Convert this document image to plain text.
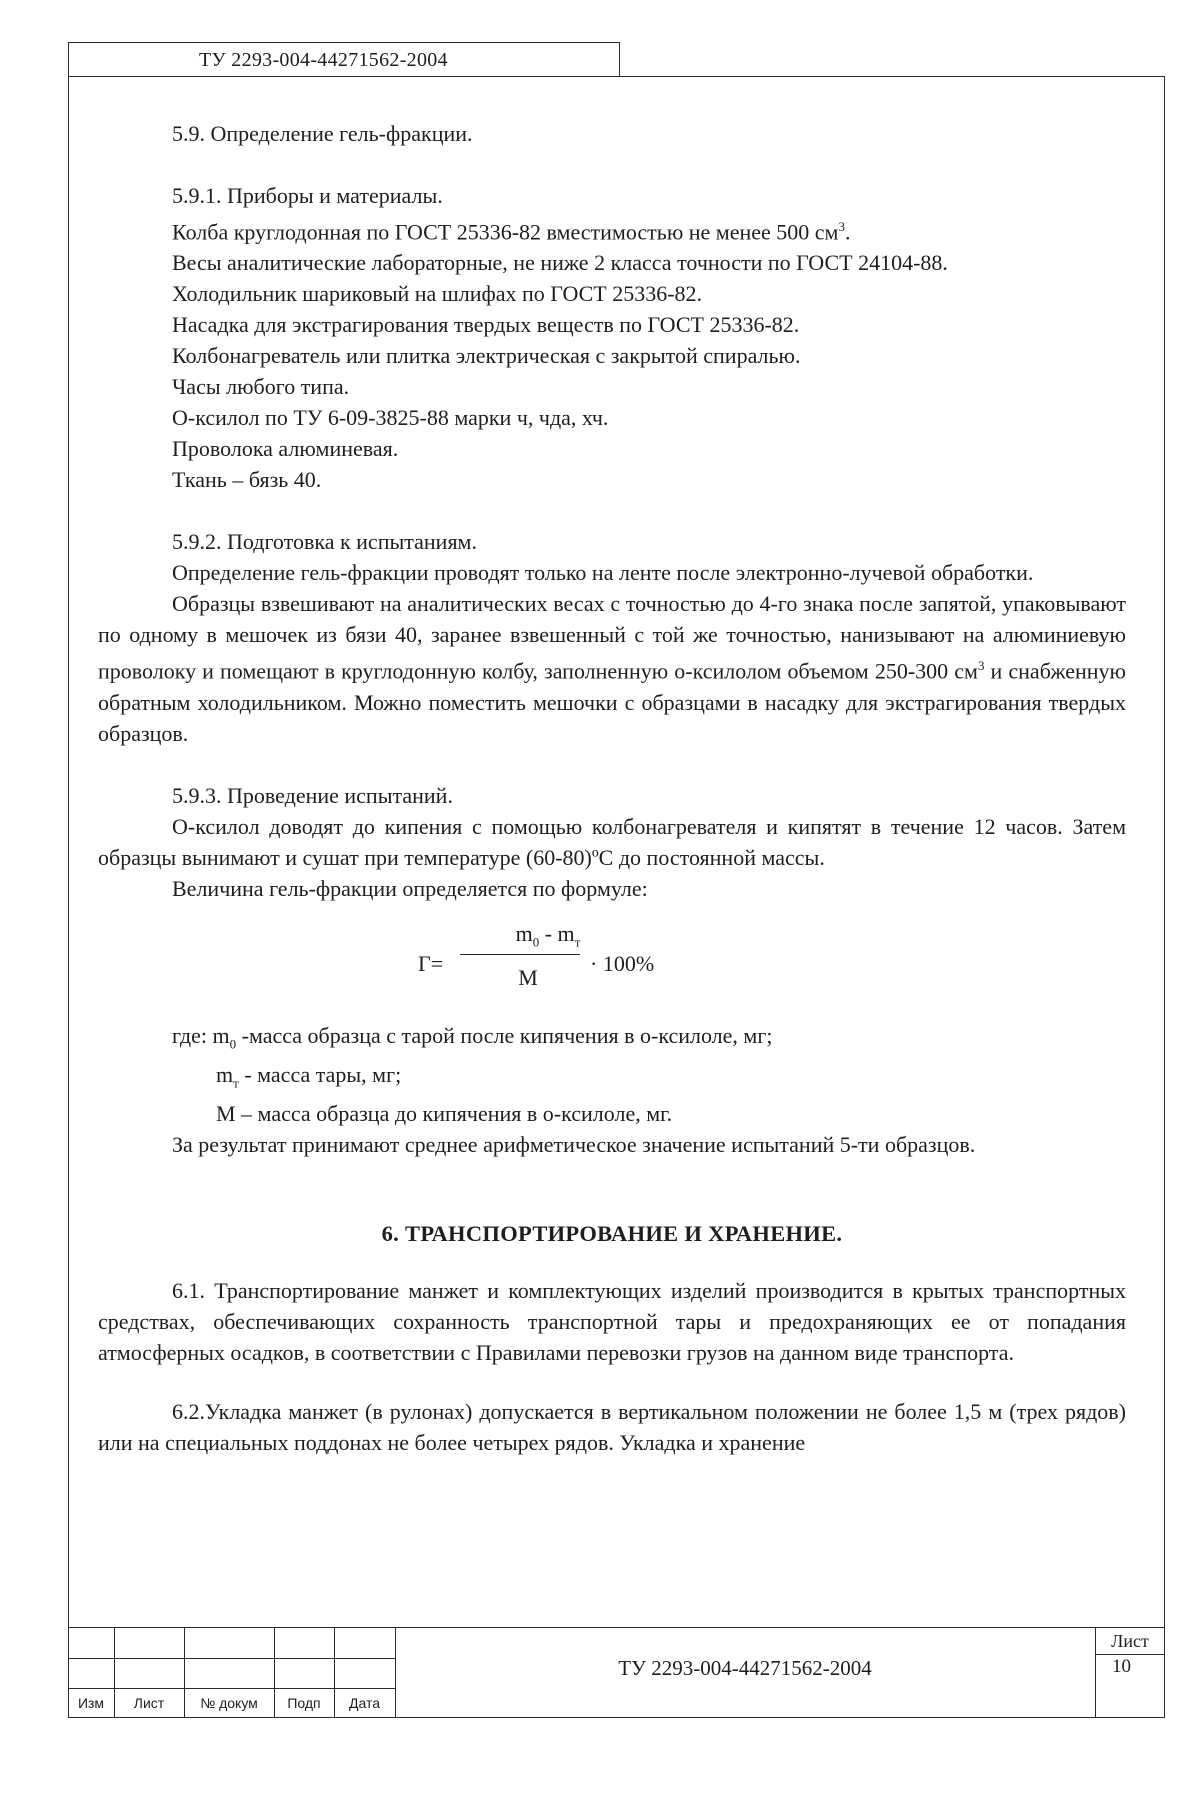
ТУ 2293-004-44271562-2004

5.9. Определение гель-фракции.

5.9.1. Приборы и материалы.

Колба круглодонная по ГОСТ 25336-82 вместимостью не менее 500 $см^3$.

Весы аналитические лабораторные, не ниже 2 класса точности по ГОСТ 24104-88.

Холодильник шариковый на шлифах по ГОСТ 25336-82.

Насадка для экстрагирования твердых веществ по ГОСТ 25336-82.

Колбонагреватель или плитка электрическая с закрытой спиралью.

Часы любого типа.

О-ксилол по ТУ 6-09-3825-88 марки ч, чда, хч.

Проволока алюминевая.

Ткань – бязь 40.

5.9.2. Подготовка к испытаниям.

Определение гель-фракции проводят только на ленте после электронно-лучевой обработки.

Образцы взвешивают на аналитических весах с точностью до 4-го знака после запятой, упаковывают по одному в мешочек из бязи 40, заранее взвешенный с той же точностью, нанизывают на алюминиевую проволоку и помещают в круглодонную колбу, заполненную о-ксилолом объемом 250-300 $см^3$ и снабженную обратным холодильником. Можно поместить мешочки с образцами в насадку для экстрагирования твердых образцов.

5.9.3. Проведение испытаний.

О-ксилол доводят до кипения с помощью колбонагревателя и кипятят в течение 12 часов. Затем образцы вынимают и сушат при температуре (60-80)ºС до постоянной массы.

Величина гель-фракции определяется по формуле:

Г=
$m_0 - m_т$
М
· 100%

где: $m_0$ -масса образца с тарой после кипячения в о-ксилоле, мг;

$m_т$ - масса тары, мг;

М – масса образца до кипячения в о-ксилоле, мг.

За результат принимают среднее арифметическое значение испытаний 5-ти образцов.

6. ТРАНСПОРТИРОВАНИЕ И ХРАНЕНИЕ.

6.1. Транспортирование манжет и комплектующих изделий производится в крытых транспортных средствах, обеспечивающих сохранность транспортной тары и предохраняющих ее от попадания атмосферных осадков, в соответствии с Правилами перевозки грузов на данном виде транспорта.

6.2.Укладка манжет (в рулонах) допускается в вертикальном положении не более 1,5 м (трех рядов) или на специальных поддонах не более четырех рядов. Укладка и хранение

Изм	Лист	№ докум	Подп	Дата
ТУ 2293-004-44271562-2004
Лист
10
